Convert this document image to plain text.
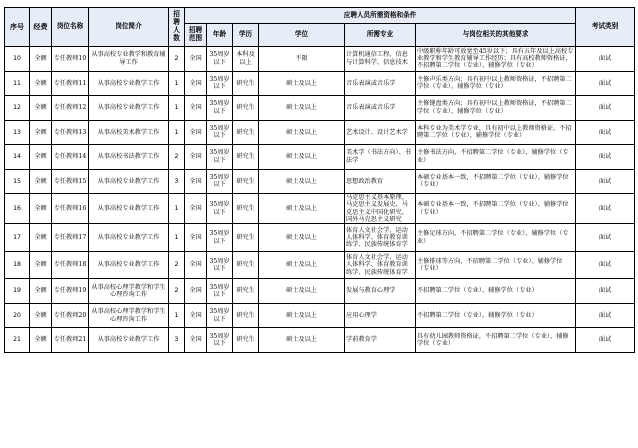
序号	经费	岗位名称	岗位简介	招聘人数	应聘人员所需资格和条件						考试类别
					招聘范围	年龄	学历	学位	所需专业	与岗位相关的其他要求	
10	全额	专任教师10	从事高校专业教学和教育辅导工作	2	全国	35周岁以下	本科及以上	不限	计算机通信工程、信息与计算科学、信息技术	中级职称年龄可放宽至45岁以下；具有五年及以上高校专业教学和学生教育辅导工作经历；具有高校教师资格证，不招聘第二学位（专业）、辅修学位（专业）	面试
11	全额	专任教师11	从事高校专业教学工作	1	全国	35周岁以下	研究生	硕士及以上	音乐表演或音乐学	主修声乐类方向；具有初中以上教师资格证，不招聘第二学位（专业）、辅修学位（专业）	面试
12	全额	专任教师12	从事高校专业教学工作	1	全国	35周岁以下	研究生	硕士及以上	音乐表演或音乐学	主修键盘类方向；具有初中以上教师资格证，不招聘第二学位（专业）、辅修学位（专业）	面试
13	全额	专任教师13	从事高校美术教学工作	1	全国	35周岁以下	研究生	硕士及以上	艺术设计、设计艺术学	本科专业为美术学专业，具有初中以上教师资格证，不招聘第二学位（专业）、辅修学位（专业）	面试
14	全额	专任教师14	从事高校书法教学工作	2	全国	35周岁以下	研究生	硕士及以上	美术学（书法方向）、书法学	主修书法方向，不招聘第二学位（专业）、辅修学位（专业）	面试
15	全额	专任教师15	从事高校专业教学工作	3	全国	35周岁以下	研究生	硕士及以上	思想政治教育	本硕专业基本一致，不招聘第二学位（专业）、辅修学位（专业）	面试
16	全额	专任教师16	从事高校专业教学工作	1	全国	35周岁以下	研究生	硕士及以上	马克思主义基本原理、马克思主义发展史、马克思主义中国化研究、国外马克思主义研究	本硕专业基本一致，不招聘第二学位（专业）、辅修学位（专业）	面试
17	全额	专任教师17	从事高校专业教学工作	1	全国	35周岁以下	研究生	硕士及以上	体育人文社会学、运动人体科学、体育教育训练学、民族传统体育学	主修足球方向，不招聘第二学位（专业）、辅修学位（专业）	面试
18	全额	专任教师18	从事高校专业教学工作	2	全国	35周岁以下	研究生	硕士及以上	体育人文社会学、运动人体科学、体育教育训练学、民族传统体育学	主修排球等方向，不招聘第二学位（专业）、辅修学位（专业）	面试
19	全额	专任教师19	从事高校心理学教学和学生心理咨询工作	2	全国	35周岁以下	研究生	硕士及以上	发展与教育心理学	不招聘第二学位（专业）、辅修学位（专业）	面试
20	全额	专任教师20	从事高校心理学教学和学生心理咨询工作	1	全国	35周岁以下	研究生	硕士及以上	应用心理学	不招聘第二学位（专业）、辅修学位（专业）	面试
21	全额	专任教师21	从事高校专业教学工作	3	全国	35周岁以下	研究生	硕士及以上	学前教育学	具有幼儿园教师资格证，不招聘第二学位（专业）、辅修学位（专业）	面试
